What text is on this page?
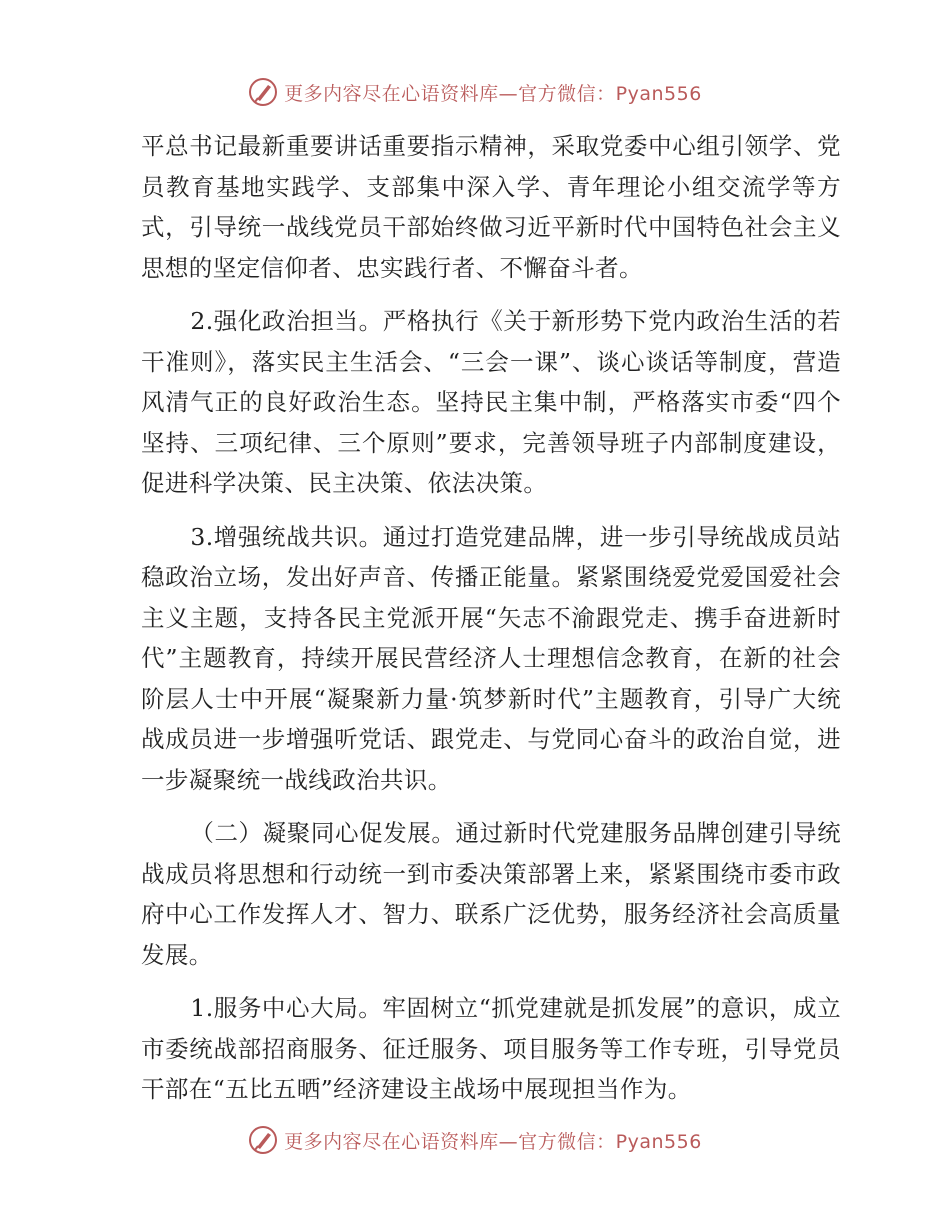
更多内容尽在心语资料库—官方微信：Pyan556

平总书记最新重要讲话重要指示精神，采取党委中心组引领学、党员教育基地实践学、支部集中深入学、青年理论小组交流学等方式，引导统一战线党员干部始终做习近平新时代中国特色社会主义思想的坚定信仰者、忠实践行者、不懈奋斗者。

2.强化政治担当。严格执行《关于新形势下党内政治生活的若干准则》，落实民主生活会、“三会一课”、谈心谈话等制度，营造风清气正的良好政治生态。坚持民主集中制，严格落实市委“四个坚持、三项纪律、三个原则”要求，完善领导班子内部制度建设，促进科学决策、民主决策、依法决策。

3.增强统战共识。通过打造党建品牌，进一步引导统战成员站稳政治立场，发出好声音、传播正能量。紧紧围绕爱党爱国爱社会主义主题，支持各民主党派开展“矢志不渝跟党走、携手奋进新时代”主题教育，持续开展民营经济人士理想信念教育，在新的社会阶层人士中开展“凝聚新力量·筑梦新时代”主题教育，引导广大统战成员进一步增强听党话、跟党走、与党同心奋斗的政治自觉，进一步凝聚统一战线政治共识。

（二）凝聚同心促发展。通过新时代党建服务品牌创建引导统战成员将思想和行动统一到市委决策部署上来，紧紧围绕市委市政府中心工作发挥人才、智力、联系广泛优势，服务经济社会高质量发展。

1.服务中心大局。牢固树立“抓党建就是抓发展”的意识，成立市委统战部招商服务、征迁服务、项目服务等工作专班，引导党员干部在“五比五晒”经济建设主战场中展现担当作为。

更多内容尽在心语资料库—官方微信：Pyan556
